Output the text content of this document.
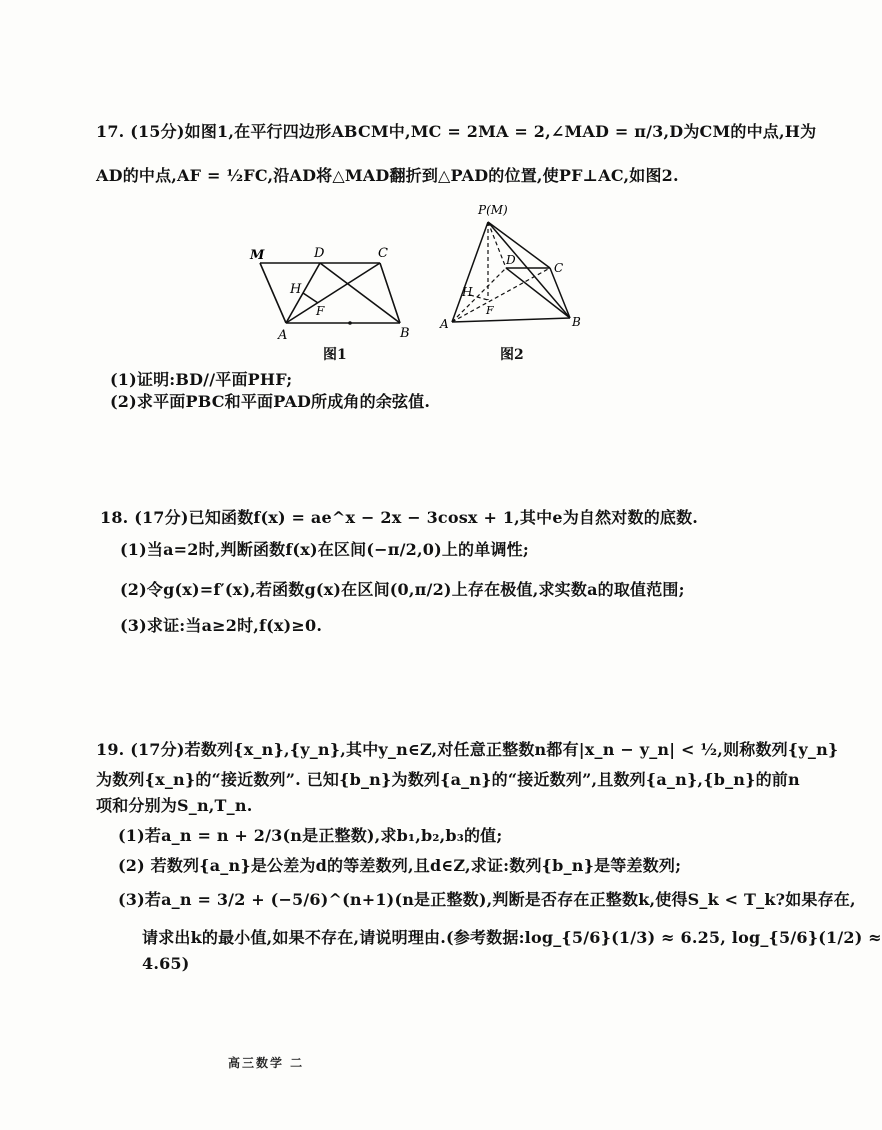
17. (15分)如图1,在平行四边形ABCM中,MC = 2MA = 2,∠MAD = π/3,D为CM的中点,H为
AD的中点,AF = ½FC,沿AD将△MAD翻折到△PAD的位置,使PF⊥AC,如图2.
M	D	C
H
F
A	B
图1
P(M)
D
C
H
F
A	B
图2
(1)证明:BD//平面PHF;
(2)求平面PBC和平面PAD所成角的余弦值.
18. (17分)已知函数f(x) = ae^x − 2x − 3cosx + 1,其中e为自然对数的底数.
(1)当a=2时,判断函数f(x)在区间(−π/2,0)上的单调性;
(2)令g(x)=f′(x),若函数g(x)在区间(0,π/2)上存在极值,求实数a的取值范围;
(3)求证:当a≥2时,f(x)≥0.
19. (17分)若数列{x_n},{y_n},其中y_n∈Z,对任意正整数n都有|x_n − y_n| < ½,则称数列{y_n}
为数列{x_n}的“接近数列”. 已知{b_n}为数列{a_n}的“接近数列”,且数列{a_n},{b_n}的前n
项和分别为S_n,T_n.
(1)若a_n = n + 2/3(n是正整数),求b₁,b₂,b₃的值;
(2) 若数列{a_n}是公差为d的等差数列,且d∈Z,求证:数列{b_n}是等差数列;
(3)若a_n = 3/2 + (−5/6)^(n+1)(n是正整数),判断是否存在正整数k,使得S_k < T_k?如果存在,
请求出k的最小值,如果不存在,请说明理由.(参考数据:log_{5/6}(1/3) ≈ 6.25, log_{5/6}(1/2) ≈
4.65)
高三数学 二
